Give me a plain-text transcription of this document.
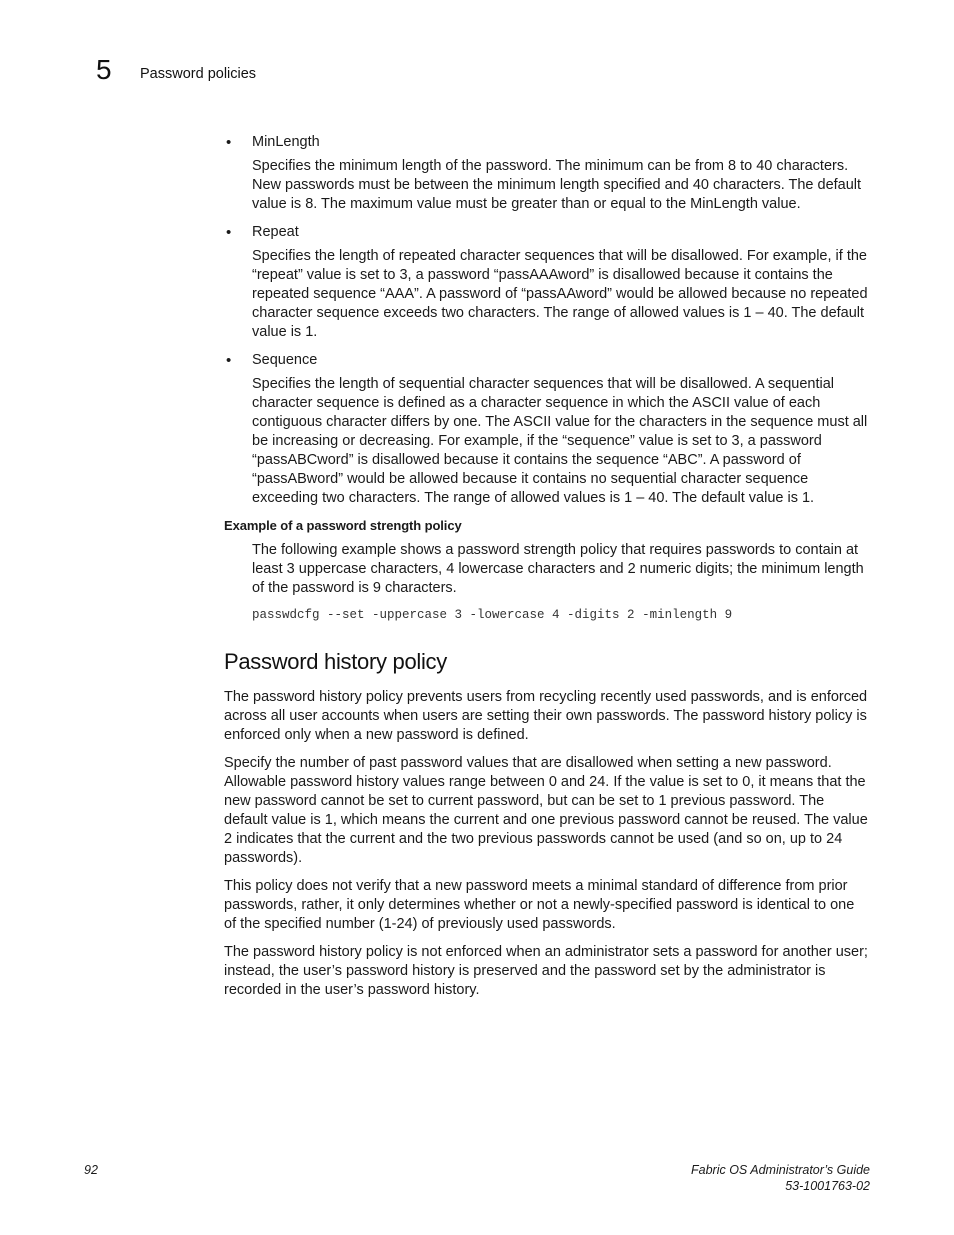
5 Password policies
• MinLength
Specifies the minimum length of the password. The minimum can be from 8 to 40 characters. New passwords must be between the minimum length specified and 40 characters. The default value is 8. The maximum value must be greater than or equal to the MinLength value.
• Repeat
Specifies the length of repeated character sequences that will be disallowed. For example, if the “repeat” value is set to 3, a password “passAAAword” is disallowed because it contains the repeated sequence “AAA”. A password of “passAAword” would be allowed because no repeated character sequence exceeds two characters. The range of allowed values is 1 – 40. The default value is 1.
• Sequence
Specifies the length of sequential character sequences that will be disallowed. A sequential character sequence is defined as a character sequence in which the ASCII value of each contiguous character differs by one. The ASCII value for the characters in the sequence must all be increasing or decreasing. For example, if the “sequence” value is set to 3, a password “passABCword” is disallowed because it contains the sequence “ABC”. A password of “passABword” would be allowed because it contains no sequential character sequence exceeding two characters. The range of allowed values is 1 – 40. The default value is 1.
Example of a password strength policy
The following example shows a password strength policy that requires passwords to contain at least 3 uppercase characters, 4 lowercase characters and 2 numeric digits; the minimum length of the password is 9 characters.
passwdcfg --set -uppercase 3 -lowercase 4 -digits 2 -minlength 9
Password history policy

The password history policy prevents users from recycling recently used passwords, and is enforced across all user accounts when users are setting their own passwords. The password history policy is enforced only when a new password is defined.

Specify the number of past password values that are disallowed when setting a new password. Allowable password history values range between 0 and 24. If the value is set to 0, it means that the new password cannot be set to current password, but can be set to 1 previous password. The default value is 1, which means the current and one previous password cannot be reused. The value 2 indicates that the current and the two previous passwords cannot be used (and so on, up to 24 passwords).

This policy does not verify that a new password meets a minimal standard of difference from prior passwords, rather, it only determines whether or not a newly-specified password is identical to one of the specified number (1-24) of previously used passwords.

The password history policy is not enforced when an administrator sets a password for another user; instead, the user’s password history is preserved and the password set by the administrator is recorded in the user’s password history.

92	Fabric OS Administrator’s Guide
53-1001763-02
